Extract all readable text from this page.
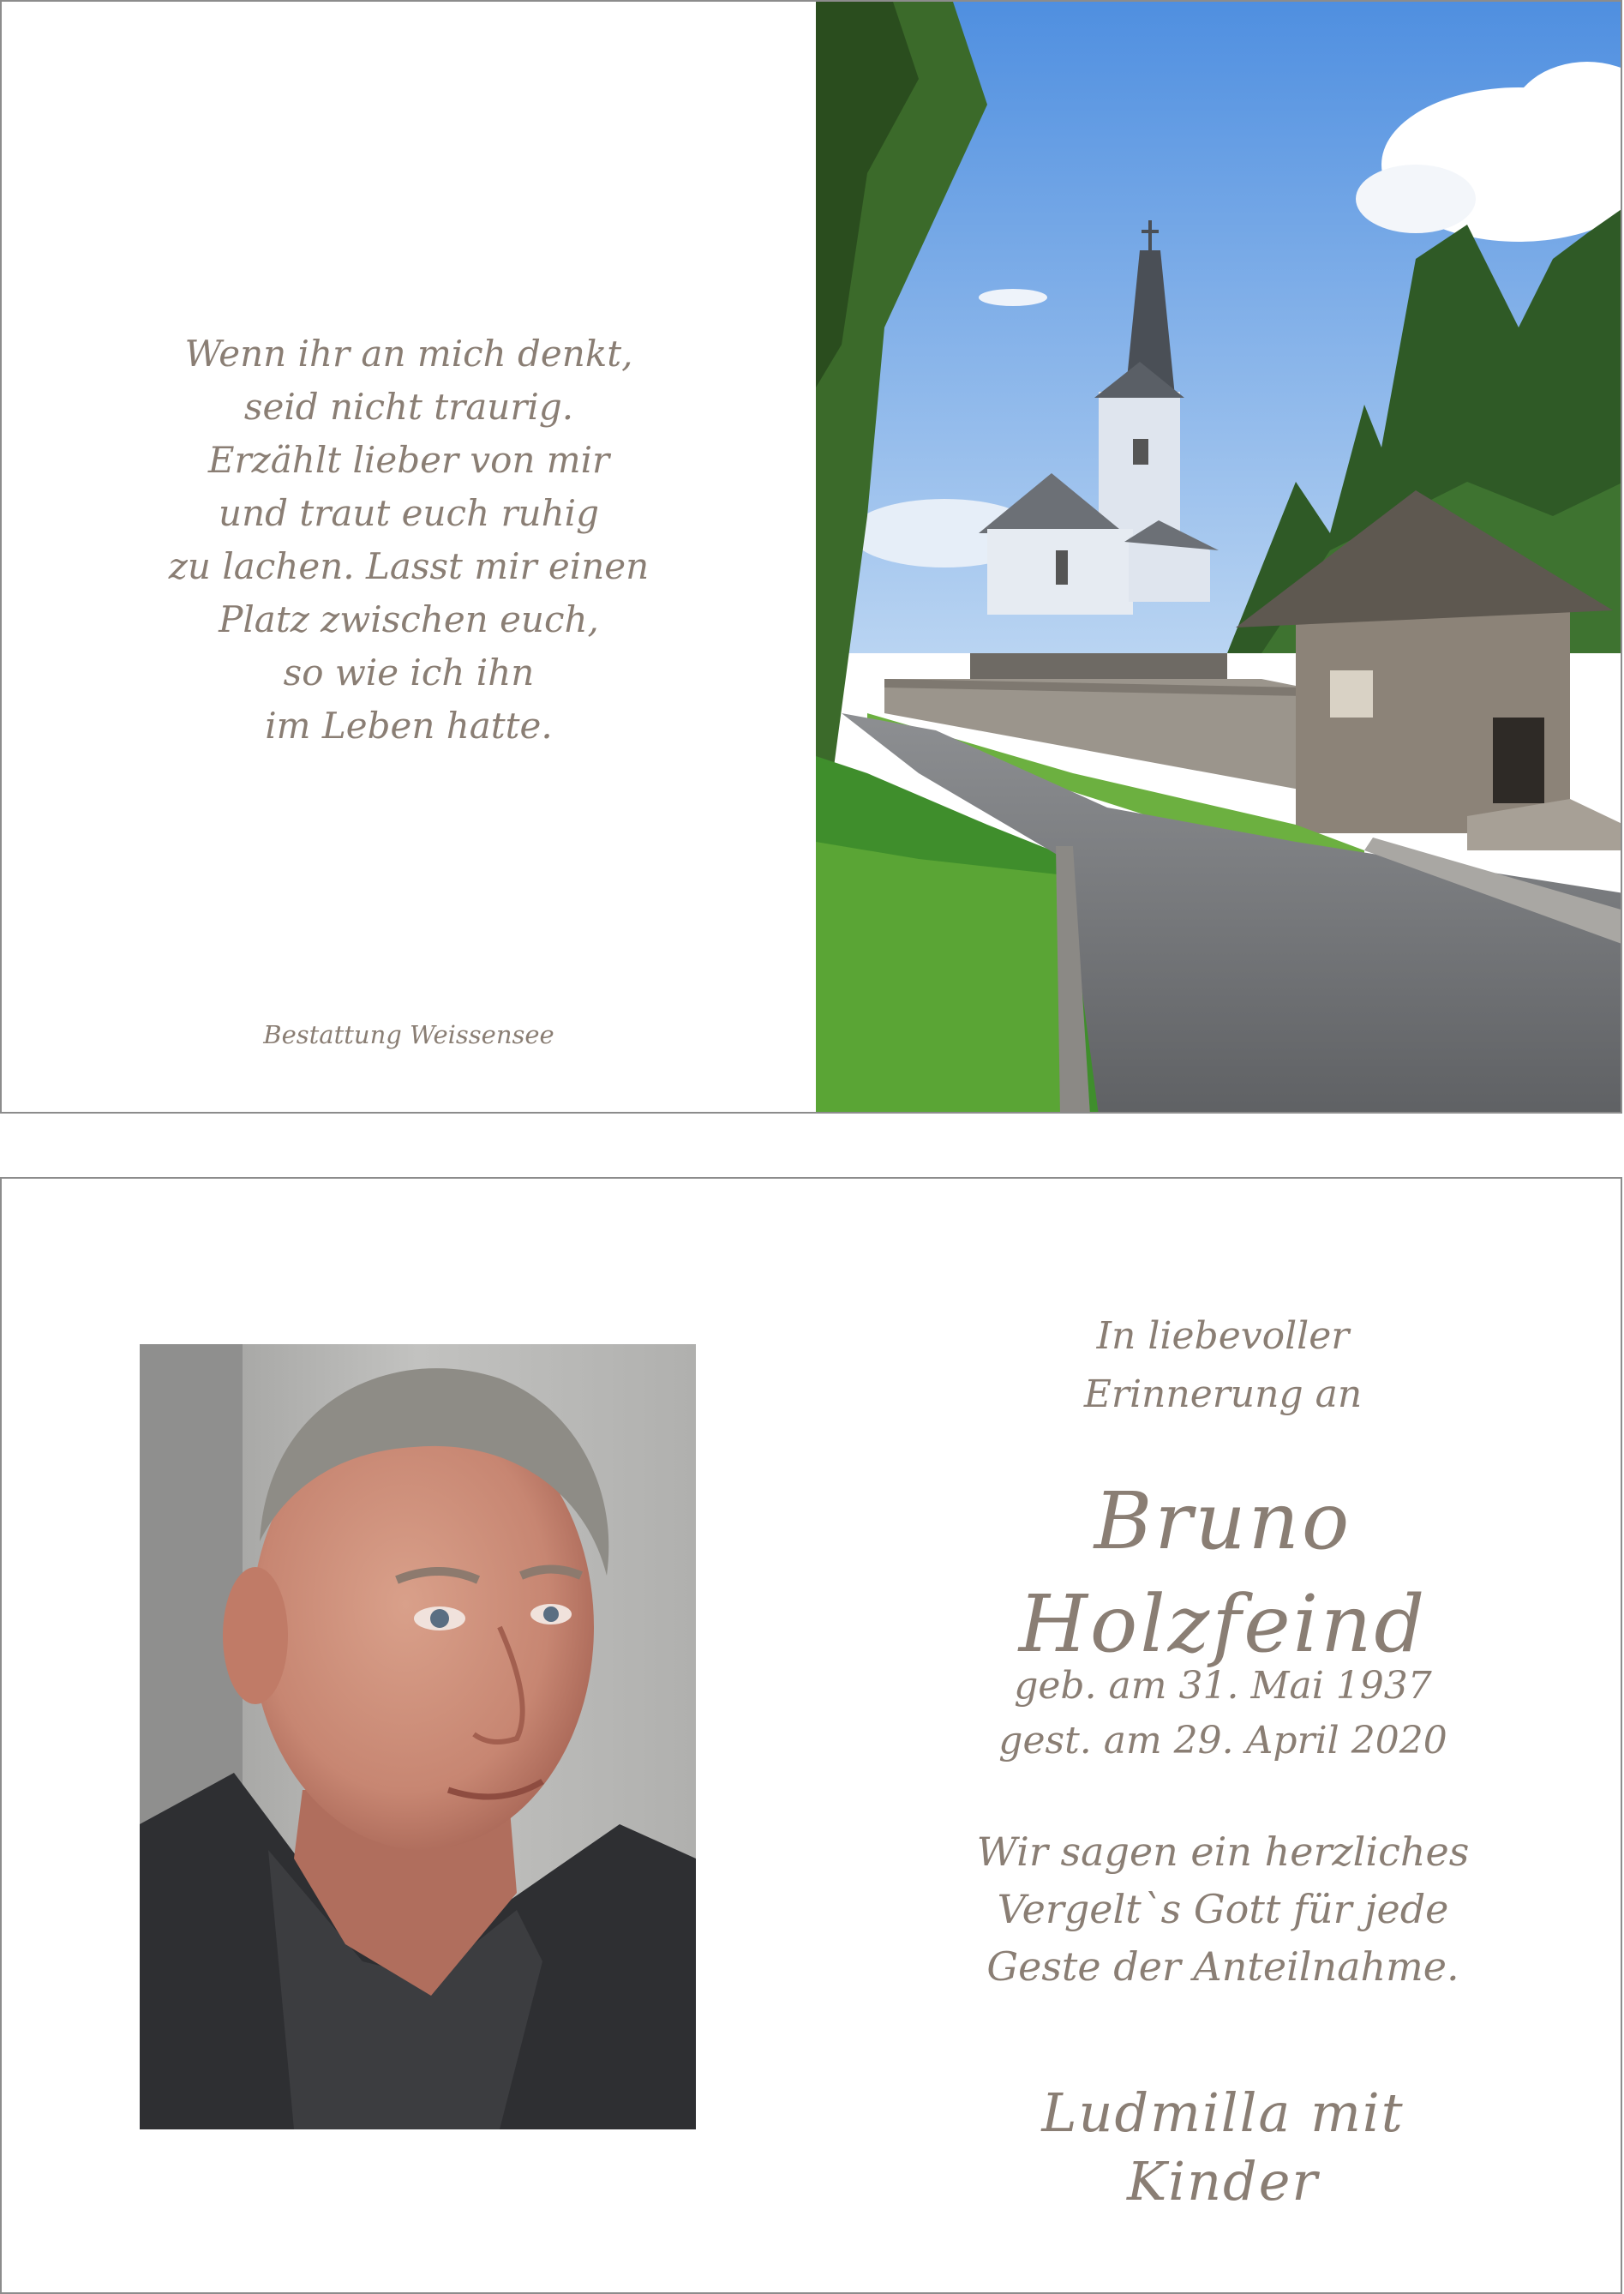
Wenn ihr an mich denkt,
seid nicht traurig.
Erzählt lieber von mir
und traut euch ruhig
zu lachen. Lasst mir einen
Platz zwischen euch,
so wie ich ihn
im Leben hatte.
Bestattung Weissensee
In liebevoller
Erinnerung an
Bruno Holzfeind
geb. am 31. Mai 1937
gest. am 29. April 2020
Wir sagen ein herzliches
Vergelt`s Gott für jede
Geste der Anteilnahme.
Ludmilla mit Kinder
